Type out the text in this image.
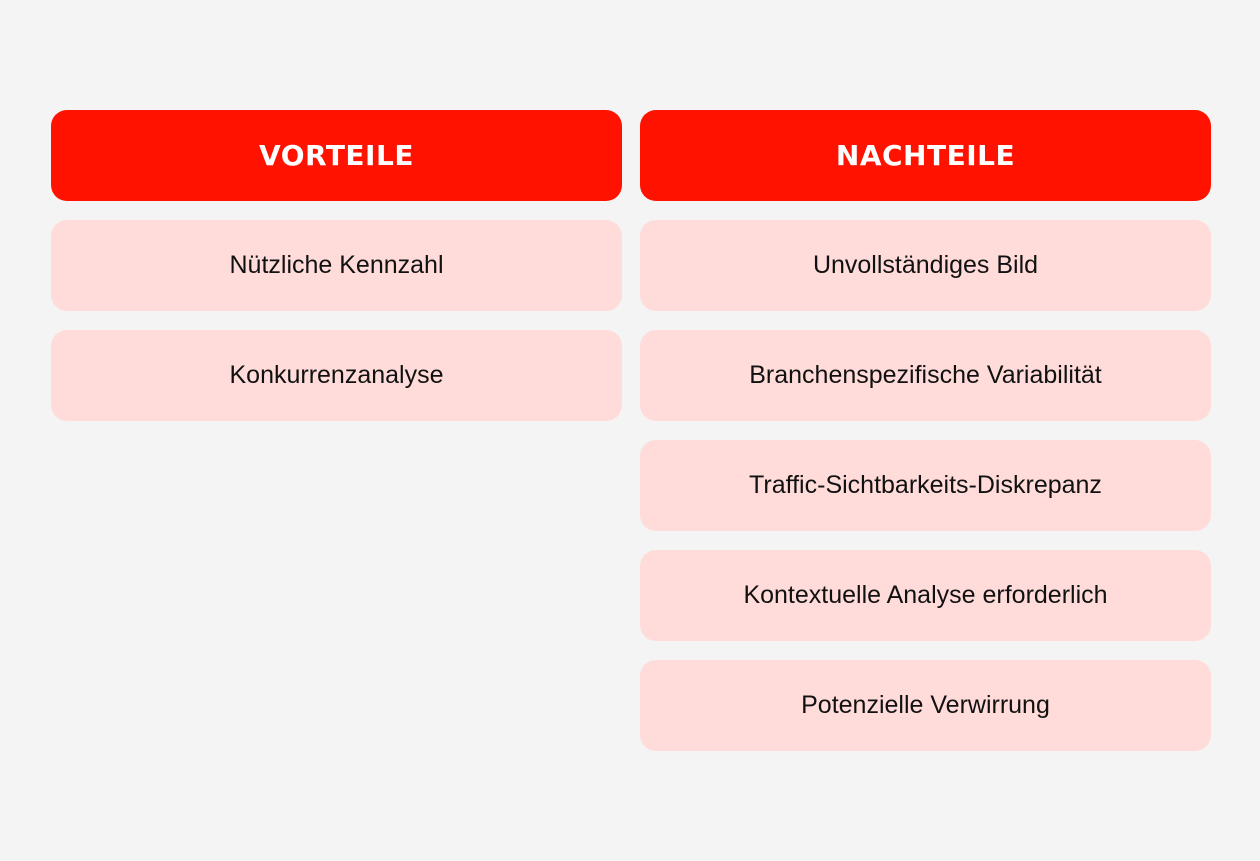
VORTEILE
Nützliche Kennzahl
Konkurrenzanalyse
NACHTEILE
Unvollständiges Bild
Branchenspezifische Variabilität
Traffic-Sichtbarkeits-Diskrepanz
Kontextuelle Analyse erforderlich
Potenzielle Verwirrung
